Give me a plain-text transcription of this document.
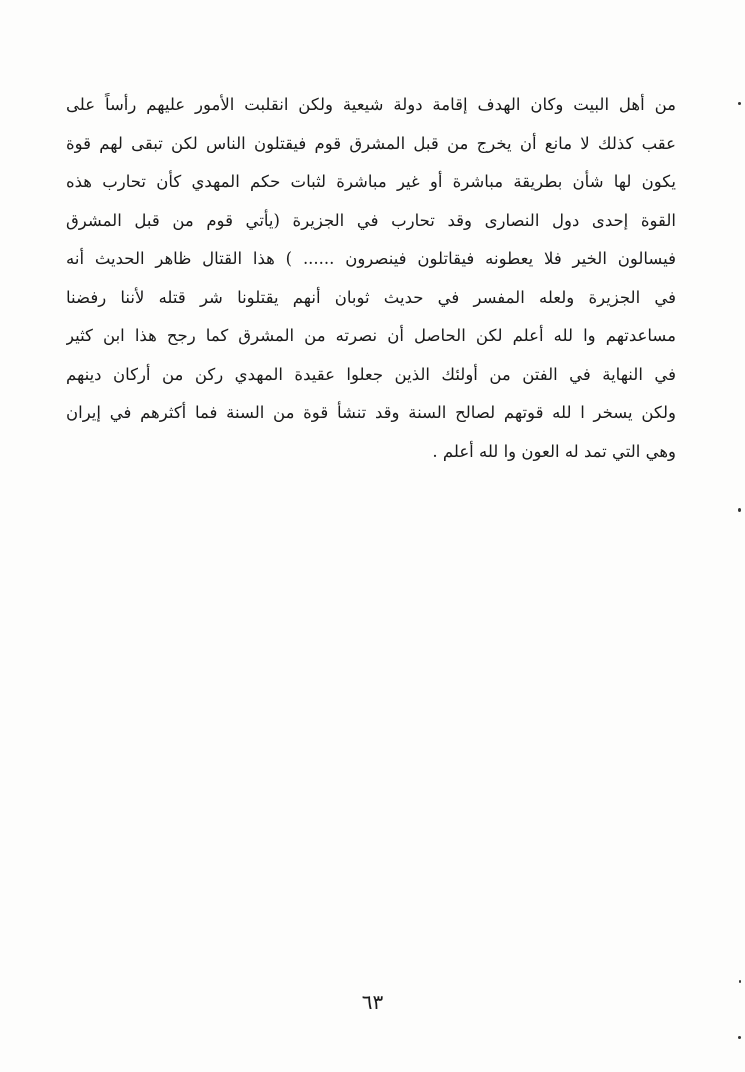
من أهل البيت وكان الهدف إقامة دولة شيعية ولكن انقلبت الأمور عليهم رأساً على
عقب كذلك لا مانع أن يخرج من قبل المشرق قوم فيقتلون الناس لكن تبقى لهم قوة
يكون لها شأن بطريقة مباشرة أو غير مباشرة لثبات حكم المهدي كأن تحارب هذه
القوة إحدى دول النصارى وقد تحارب في الجزيرة (يأتي قوم من قبل المشرق
فيسالون الخير فلا يعطونه فيقاتلون فينصرون ...... ) هذا القتال ظاهر الحديث أنه
في الجزيرة ولعله المفسر في حديث ثوبان أنهم يقتلونا شر قتله لأننا رفضنا
مساعدتهم وا لله أعلم لكن الحاصل أن نصرته من المشرق كما رجح هذا ابن كثير
في النهاية في الفتن من أولئك الذين جعلوا عقيدة المهدي ركن من أركان دينهم
ولكن يسخر ا لله قوتهم لصالح السنة وقد تنشأ قوة من السنة فما أكثرهم في إيران
وهي التي تمد له العون وا لله أعلم .
٦٣
